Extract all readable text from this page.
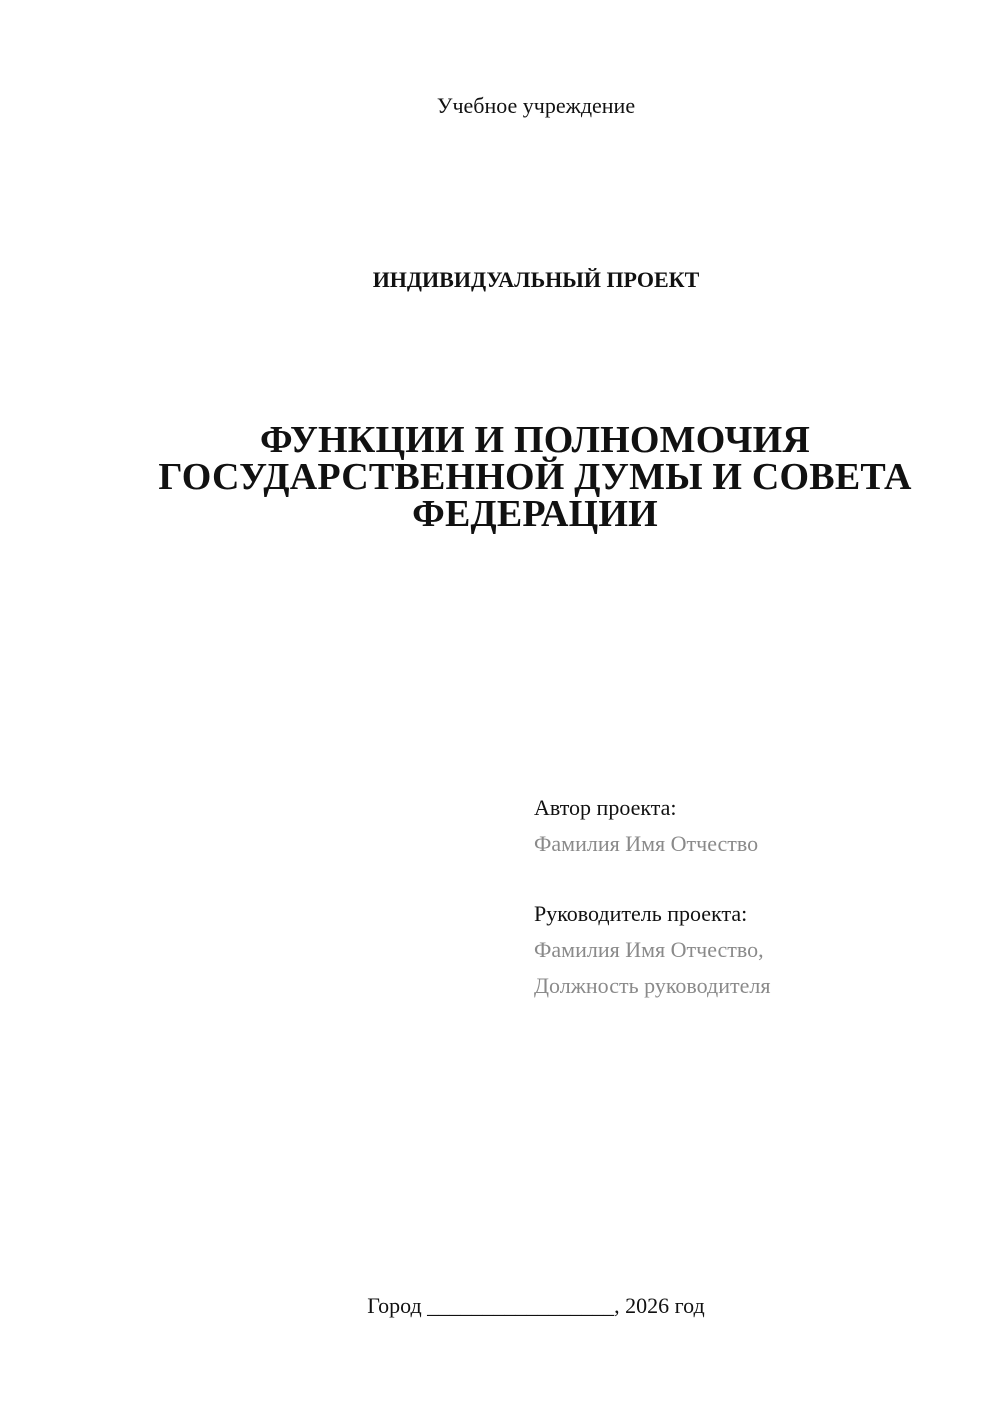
Учебное учреждение
ИНДИВИДУАЛЬНЫЙ ПРОЕКТ
ФУНКЦИИ И ПОЛНОМОЧИЯ
ГОСУДАРСТВЕННОЙ ДУМЫ И СОВЕТА
ФЕДЕРАЦИИ
Автор проекта:
Фамилия Имя Отчество
Руководитель проекта:
Фамилия Имя Отчество,
Должность руководителя
Город _________________, 2026 год
